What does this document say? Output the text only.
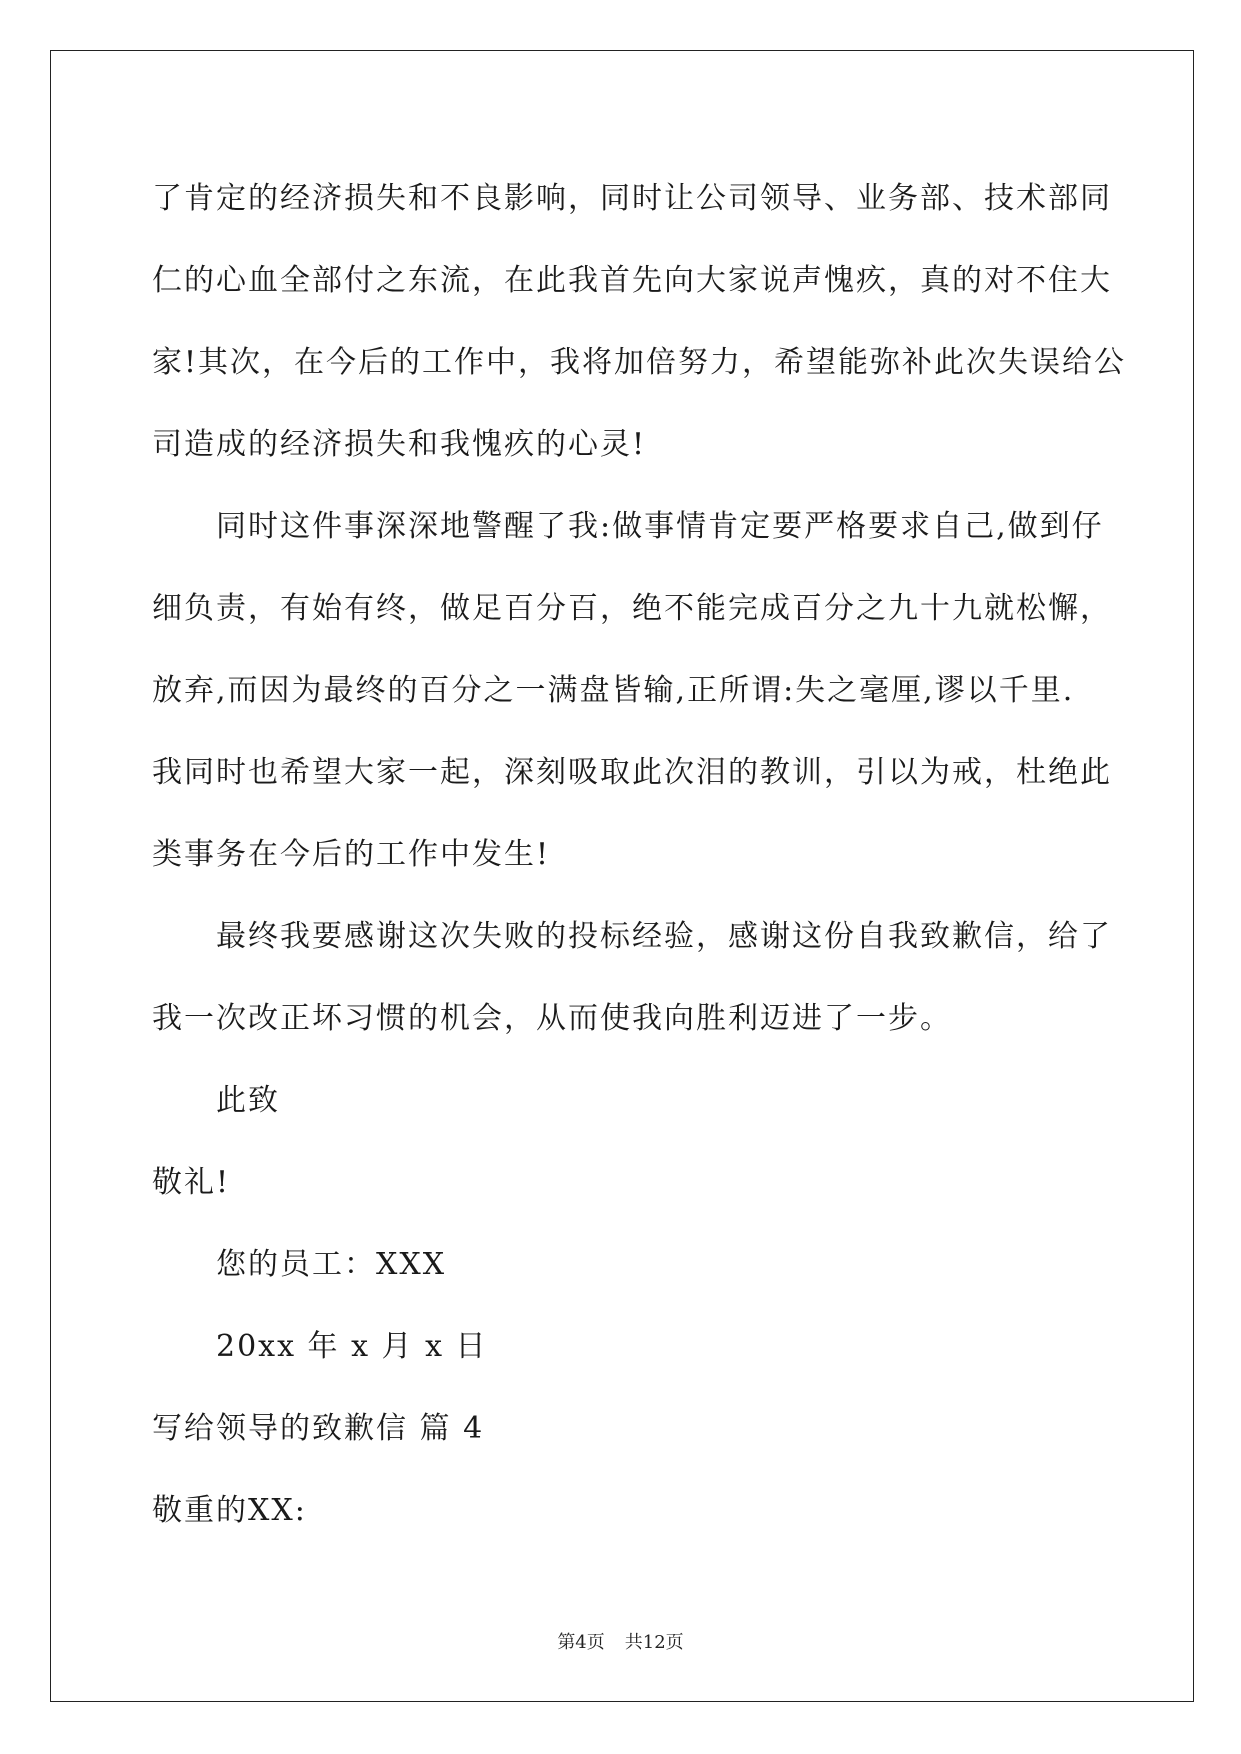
了肯定的经济损失和不良影响，同时让公司领导、业务部、技术部同
仁的心血全部付之东流，在此我首先向大家说声愧疚，真的对不住大
家!其次，在今后的工作中，我将加倍努力，希望能弥补此次失误给公
司造成的经济损失和我愧疚的心灵!
同时这件事深深地警醒了我:做事情肯定要严格要求自己,做到仔
细负责，有始有终，做足百分百，绝不能完成百分之九十九就松懈，
放弃,而因为最终的百分之一满盘皆输,正所谓:失之毫厘,谬以千里.
我同时也希望大家一起，深刻吸取此次泪的教训，引以为戒，杜绝此
类事务在今后的工作中发生!
最终我要感谢这次失败的投标经验，感谢这份自我致歉信，给了
我一次改正坏习惯的机会，从而使我向胜利迈进了一步。
此致
敬礼!
您的员工：XXX
20xx 年 x 月 x 日
写给领导的致歉信 篇 4
敬重的XX:
第4页 共12页
